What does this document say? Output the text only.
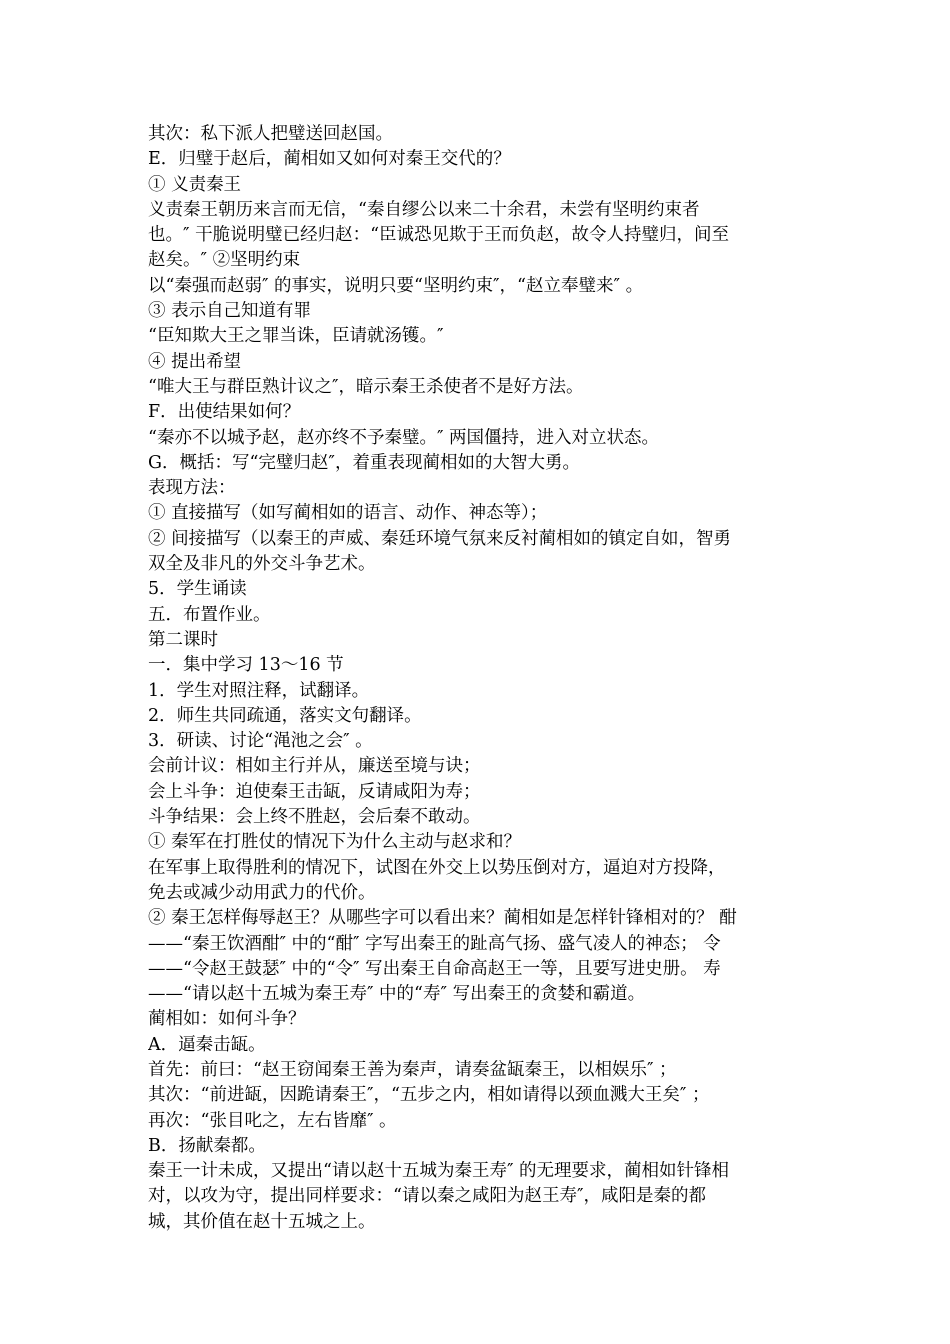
其次：私下派人把璧送回赵国。
E．归璧于赵后，蔺相如又如何对秦王交代的？
① 义责秦王
义责秦王朝历来言而无信，“秦自缪公以来二十余君，未尝有坚明约束者
也。″ 干脆说明璧已经归赵：“臣诚恐见欺于王而负赵，故令人持璧归，间至
赵矣。″ ②坚明约束
以“秦强而赵弱″ 的事实，说明只要“坚明约束″，“赵立奉璧来″ 。
③ 表示自己知道有罪
“臣知欺大王之罪当诛，臣请就汤镬。″
④ 提出希望
“唯大王与群臣熟计议之″，暗示秦王杀使者不是好方法。
F．出使结果如何？
“秦亦不以城予赵，赵亦终不予秦璧。″ 两国僵持，进入对立状态。
G．概括：写“完璧归赵″，着重表现蔺相如的大智大勇。
表现方法：
① 直接描写（如写蔺相如的语言、动作、神态等）；
② 间接描写（以秦王的声威、秦廷环境气氛来反衬蔺相如的镇定自如，智勇
双全及非凡的外交斗争艺术。
5．学生诵读
五．布置作业。
第二课时
一．集中学习 13～16 节
1．学生对照注释，试翻译。
2．师生共同疏通，落实文句翻译。
3．研读、讨论“渑池之会″ 。
会前计议：相如主行并从，廉送至境与诀；
会上斗争：迫使秦王击缻，反请咸阳为寿；
斗争结果：会上终不胜赵，会后秦不敢动。
① 秦军在打胜仗的情况下为什么主动与赵求和？
在军事上取得胜利的情况下，试图在外交上以势压倒对方，逼迫对方投降，
免去或减少动用武力的代价。
② 秦王怎样侮辱赵王？从哪些字可以看出来？蔺相如是怎样针锋相对的？ 酣
——“秦王饮酒酣″ 中的“酣″ 字写出秦王的趾高气扬、盛气凌人的神态； 令
——“令赵王鼓瑟″ 中的“令″ 写出秦王自命高赵王一等，且要写进史册。 寿
——“请以赵十五城为秦王寿″ 中的“寿″ 写出秦王的贪婪和霸道。
蔺相如：如何斗争？
A．逼秦击缻。
首先：前曰：“赵王窃闻秦王善为秦声，请奏盆缻秦王，以相娱乐″ ；
其次：“前进缻，因跪请秦王″，“五步之内，相如请得以颈血溅大王矣″ ；
再次：“张目叱之，左右皆靡″ 。
B．扬献秦都。
秦王一计未成，又提出“请以赵十五城为秦王寿″ 的无理要求，蔺相如针锋相
对，以攻为守，提出同样要求：“请以秦之咸阳为赵王寿″，咸阳是秦的都
城，其价值在赵十五城之上。
